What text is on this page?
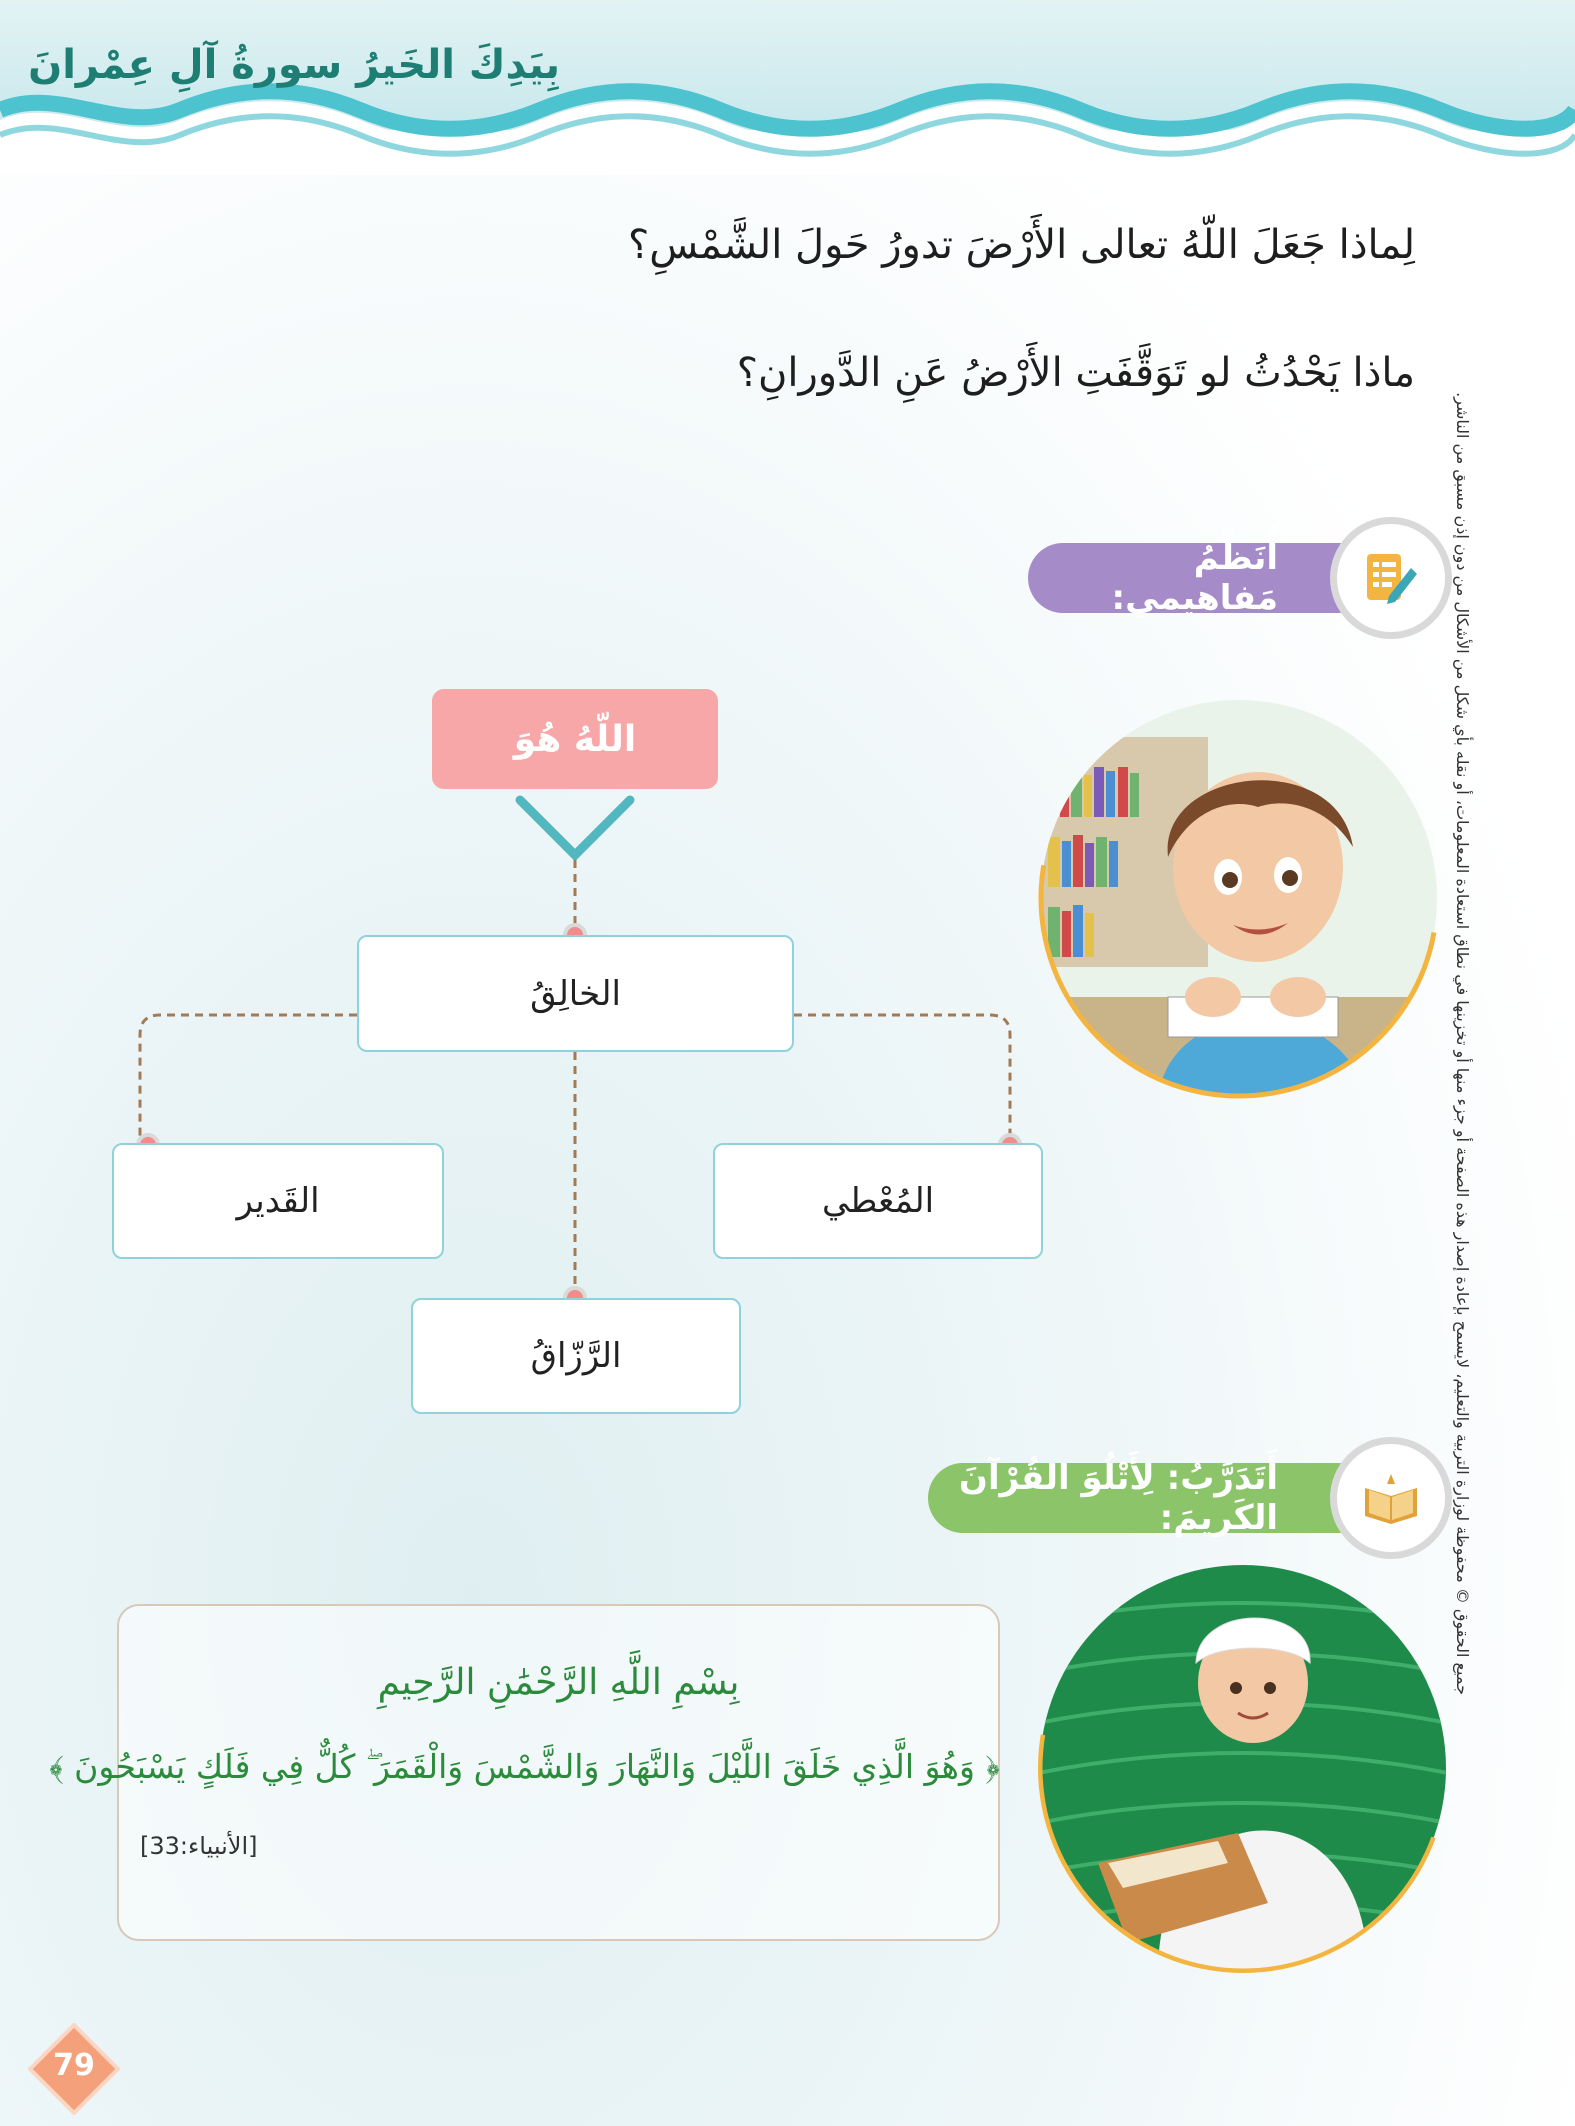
بِيَدِكَ الخَيرُ سورةُ آلِ عِمْرانَ
لِماذا جَعَلَ اللّهُ تعالى الأَرْضَ تدورُ حَولَ الشَّمْسِ؟
ماذا يَحْدُثُ لو تَوَقَّفَتِ الأَرْضُ عَنِ الدَّورانِ؟
جميع الحقوق © محفوظة لوزارة التربية والتعليم، لايسمح بإعادة إصدار هذه الصفحة أو جزء منها أو تخزينها في نطاق استعادة المعلومات، أو نقله بأي شكل من الأشكال من دون إذن مسبق من الناشر.
أُنَظِّمُ مَفاهيمي:
اللّهُ هُوَ
الخالِقُ
القَدير	المُعْطي
الرَّزّاقُ
أَتَدَرَّبُ: لِأَتْلُوَ القُرْآنَ الكَريمَ:
بِسْمِ اللَّهِ الرَّحْمَٰنِ الرَّحِيمِ
﴿ وَهُوَ الَّذِي خَلَقَ اللَّيْلَ وَالنَّهَارَ وَالشَّمْسَ وَالْقَمَرَ ۖ كُلٌّ فِي فَلَكٍ يَسْبَحُونَ ﴾
[الأنبياء:33]
79
